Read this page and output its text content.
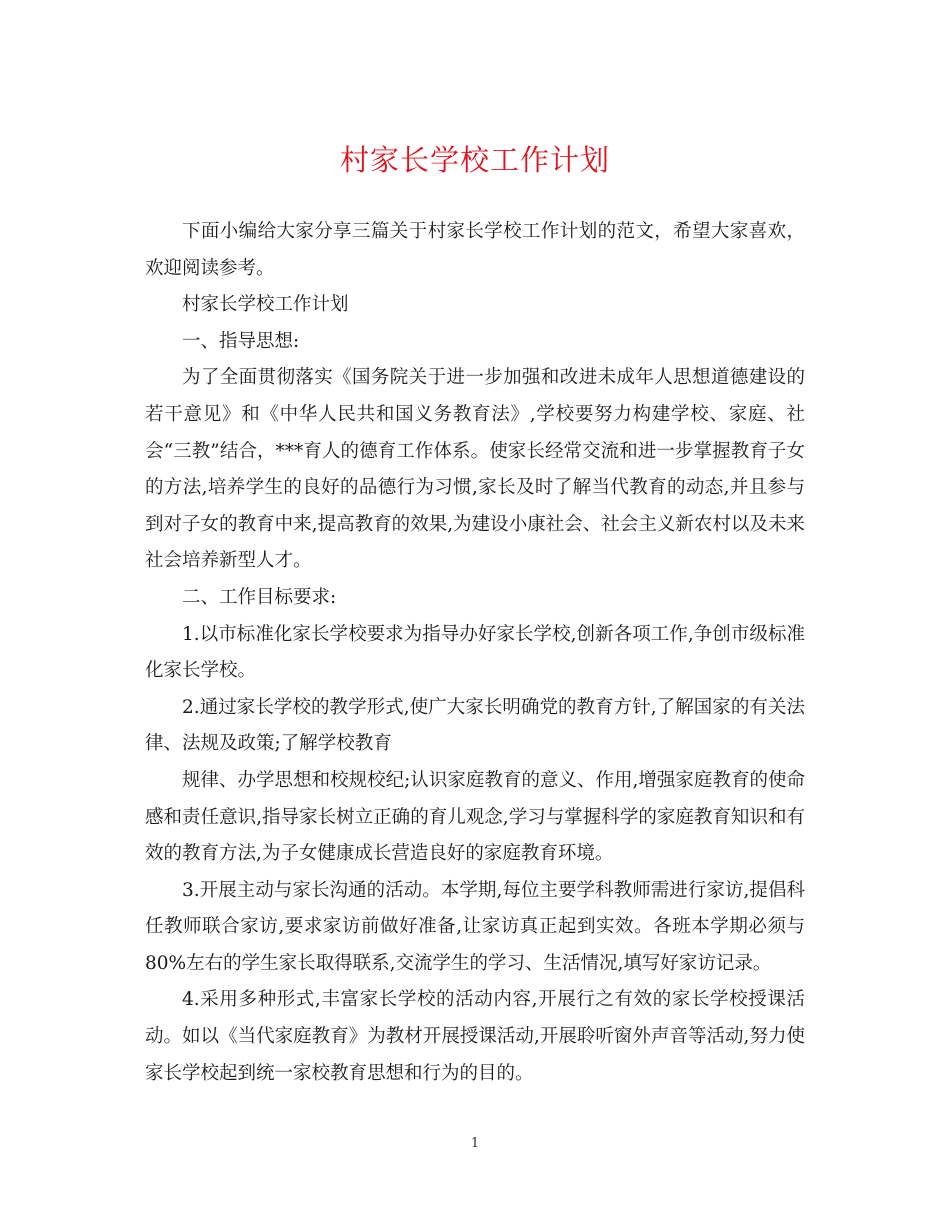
村家长学校工作计划

下面小编给大家分享三篇关于村家长学校工作计划的范文，希望大家喜欢，欢迎阅读参考。

村家长学校工作计划

一、指导思想:

为了全面贯彻落实《国务院关于进一步加强和改进未成年人思想道德建设的若干意见》和《中华人民共和国义务教育法》,学校要努力构建学校、家庭、社会“三教”结合，***育人的德育工作体系。使家长经常交流和进一步掌握教育子女的方法,培养学生的良好的品德行为习惯,家长及时了解当代教育的动态,并且参与到对子女的教育中来,提高教育的效果,为建设小康社会、社会主义新农村以及未来社会培养新型人才。

二、工作目标要求:

1.以市标准化家长学校要求为指导办好家长学校,创新各项工作,争创市级标准化家长学校。

2.通过家长学校的教学形式,使广大家长明确党的教育方针,了解国家的有关法律、法规及政策;了解学校教育

规律、办学思想和校规校纪;认识家庭教育的意义、作用,增强家庭教育的使命感和责任意识,指导家长树立正确的育儿观念,学习与掌握科学的家庭教育知识和有效的教育方法,为子女健康成长营造良好的家庭教育环境。

3.开展主动与家长沟通的活动。本学期,每位主要学科教师需进行家访,提倡科任教师联合家访,要求家访前做好准备,让家访真正起到实效。各班本学期必须与80%左右的学生家长取得联系,交流学生的学习、生活情况,填写好家访记录。

4.采用多种形式,丰富家长学校的活动内容,开展行之有效的家长学校授课活动。如以《当代家庭教育》为教材开展授课活动,开展聆听窗外声音等活动,努力使家长学校起到统一家校教育思想和行为的目的。

1
